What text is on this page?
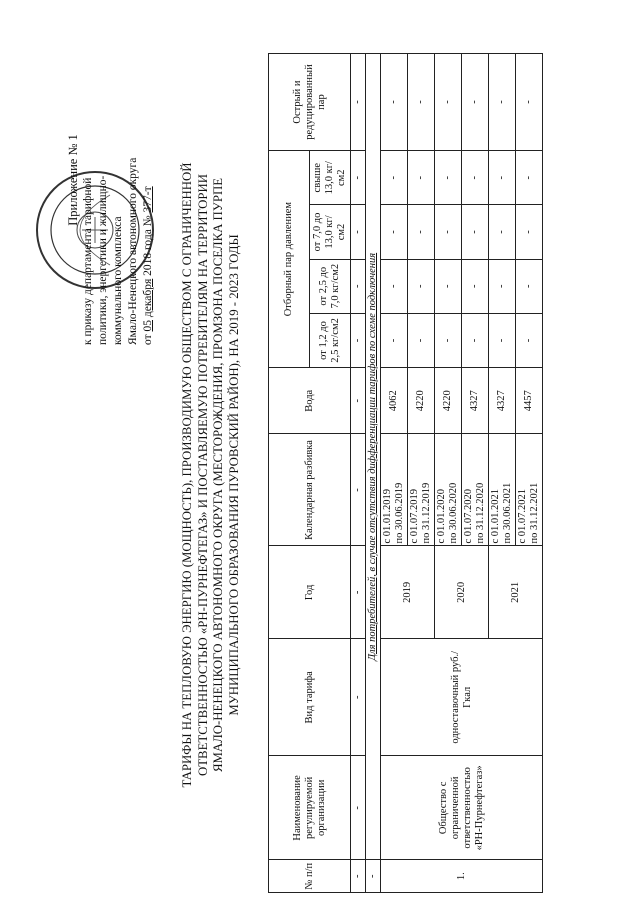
Приложение № 1 к приказу департамента тарифной политики, энергетики и жилищно- коммунального комплекса Ямало-Ненецкого автономного округа от 05 декабря 2018 года № 377-т ТАРИФЫ НА ТЕПЛОВУЮ ЭНЕРГИЮ (МОЩНОСТЬ), ПРОИЗВОДИМУЮ ОБЩЕСТВОМ С ОГРАНИЧЕННОЙ ОТВЕТСТВЕННОСТЬЮ «РН-ПУРНЕФТЕГАЗ» И ПОСТАВЛЯЕМУЮ ПОТРЕБИТЕЛЯМ НА ТЕРРИТОРИИ ЯМАЛО-НЕНЕЦКОГО АВТОНОМНОГО ОКРУГА (МЕСТОРОЖДЕНИЯ, ПРОМЗОНА ПОСЕЛКА ПУРПЕ МУНИЦИПАЛЬНОГО ОБРАЗОВАНИЯ ПУРОВСКИЙ РАЙОН), НА 2019 - 2023 ГОДЫ
№ п/п	Наименование регулируемой организации	Вид тарифа	Год	Календарная разбивка	Вода	Отборный пар давлением				Острый и редуцированный пар
						от 1,2 до 2,5 кг/см2	от 2,5 до 7,0 кг/см2	от 7,0 до 13,0 кг/см2	свыше 13,0 кг/см2	
-	-	-	-	-	-	-	-	-	-	-
-	Для потребителей, в случае отсутствия дифференциации тарифов по схеме подключения									
1.	Общество с ограниченной ответственностью «РН-Пурнефтегаз»	одноставочный руб./Гкал	2019	с 01.01.2019 по 30.06.2019	4062	-	-	-	-	-

				с 01.07.2019 по 31.12.2019	4220	-	-	-	-	-
			2020	с 01.01.2020 по 30.06.2020	4220	-	-	-	-	-

				с 01.07.2020 по 31.12.2020	4327	-	-	-	-	-
			2021	с 01.01.2021 по 30.06.2021	4327	-	-	-	-	-

				с 01.07.2021 по 31.12.2021	4457	-	-	-	-	-
